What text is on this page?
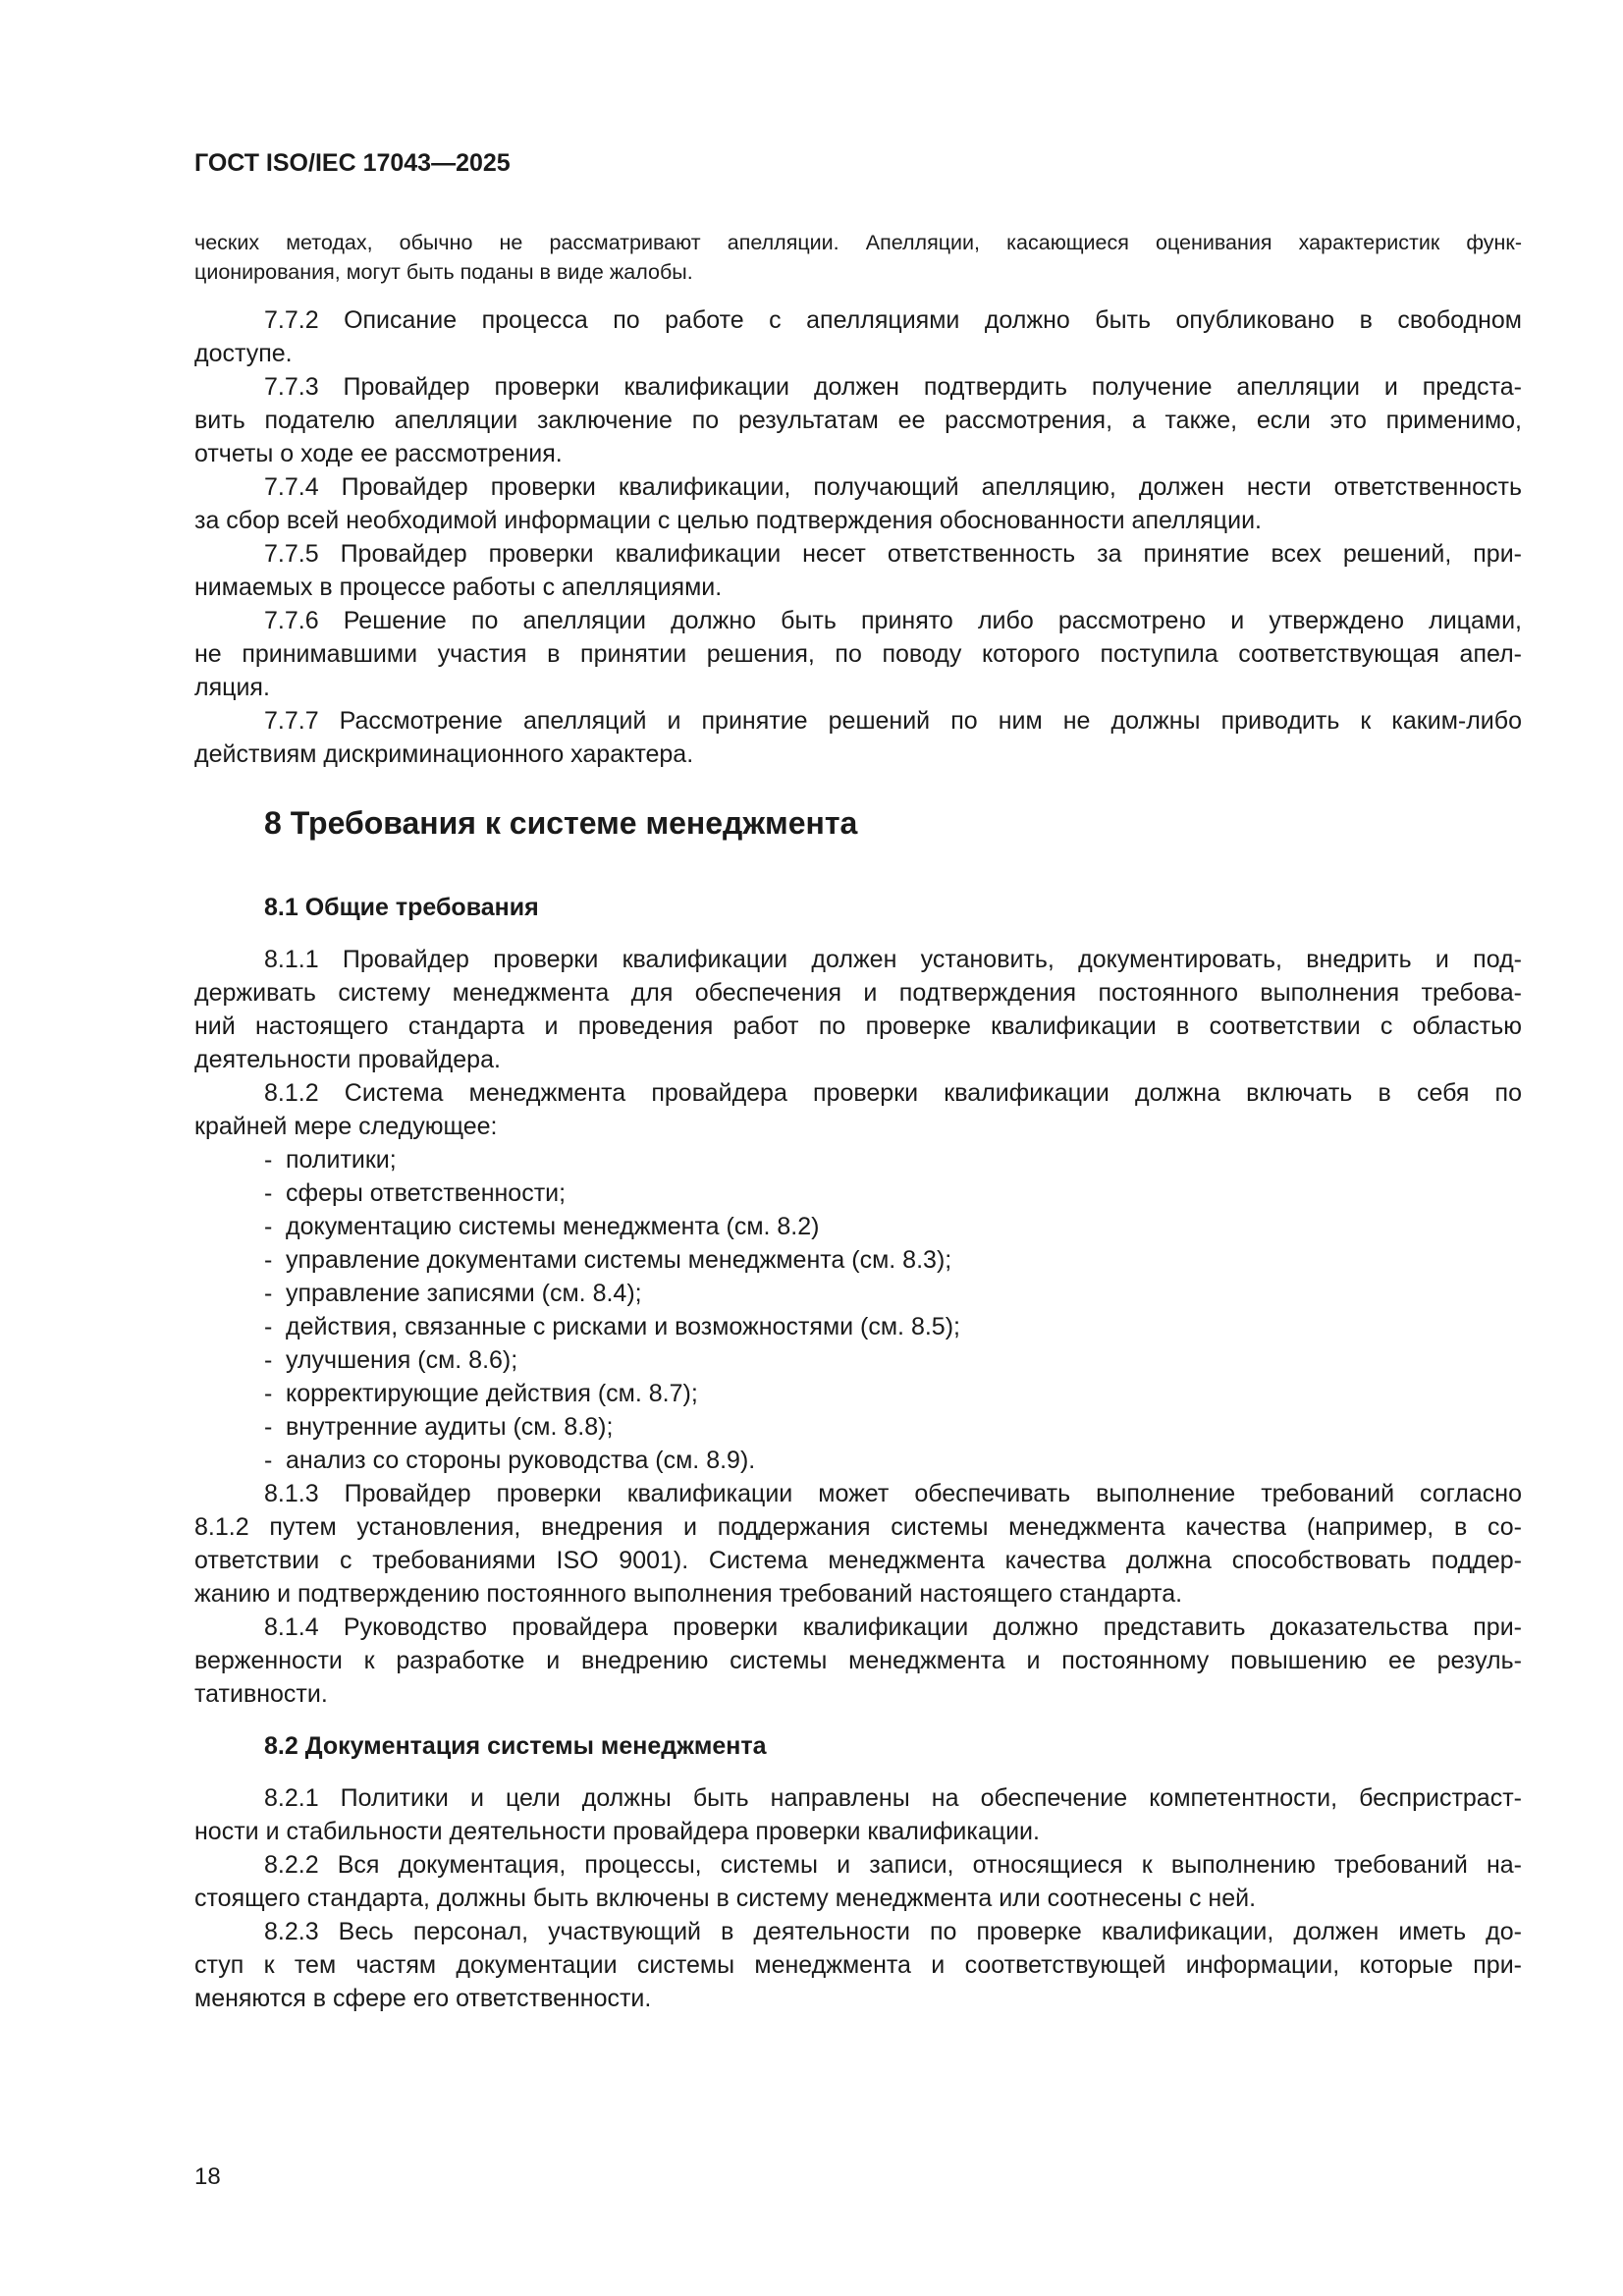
ГОСТ ISO/IEC 17043—2025
ческих методах, обычно не рассматривают апелляции. Апелляции, касающиеся оценивания характеристик функ-
ционирования, могут быть поданы в виде жалобы.
7.7.2 Описание процесса по работе с апелляциями должно быть опубликовано в свободном
доступе.
7.7.3 Провайдер проверки квалификации должен подтвердить получение апелляции и предста-
вить подателю апелляции заключение по результатам ее рассмотрения, а также, если это применимо,
отчеты о ходе ее рассмотрения.
7.7.4 Провайдер проверки квалификации, получающий апелляцию, должен нести ответственность
за сбор всей необходимой информации с целью подтверждения обоснованности апелляции.
7.7.5 Провайдер проверки квалификации несет ответственность за принятие всех решений, при-
нимаемых в процессе работы с апелляциями.
7.7.6 Решение по апелляции должно быть принято либо рассмотрено и утверждено лицами,
не принимавшими участия в принятии решения, по поводу которого поступила соответствующая апел-
ляция.
7.7.7 Рассмотрение апелляций и принятие решений по ним не должны приводить к каким-либо
действиям дискриминационного характера.
8 Требования к системе менеджмента
8.1 Общие требования
8.1.1 Провайдер проверки квалификации должен установить, документировать, внедрить и под-
держивать систему менеджмента для обеспечения и подтверждения постоянного выполнения требова-
ний настоящего стандарта и проведения работ по проверке квалификации в соответствии с областью
деятельности провайдера.
8.1.2 Система менеджмента провайдера проверки квалификации должна включать в себя по
крайней мере следующее:
- политики;
- сферы ответственности;
- документацию системы менеджмента (см. 8.2)
- управление документами системы менеджмента (см. 8.3);
- управление записями (см. 8.4);
- действия, связанные с рисками и возможностями (см. 8.5);
- улучшения (см. 8.6);
- корректирующие действия (см. 8.7);
- внутренние аудиты (см. 8.8);
- анализ со стороны руководства (см. 8.9).
8.1.3 Провайдер проверки квалификации может обеспечивать выполнение требований согласно
8.1.2 путем установления, внедрения и поддержания системы менеджмента качества (например, в со-
ответствии с требованиями ISO 9001). Система менеджмента качества должна способствовать поддер-
жанию и подтверждению постоянного выполнения требований настоящего стандарта.
8.1.4 Руководство провайдера проверки квалификации должно представить доказательства при-
верженности к разработке и внедрению системы менеджмента и постоянному повышению ее резуль-
тативности.
8.2 Документация системы менеджмента
8.2.1 Политики и цели должны быть направлены на обеспечение компетентности, беспристраст-
ности и стабильности деятельности провайдера проверки квалификации.
8.2.2 Вся документация, процессы, системы и записи, относящиеся к выполнению требований на-
стоящего стандарта, должны быть включены в систему менеджмента или соотнесены с ней.
8.2.3 Весь персонал, участвующий в деятельности по проверке квалификации, должен иметь до-
ступ к тем частям документации системы менеджмента и соответствующей информации, которые при-
меняются в сфере его ответственности.
18
